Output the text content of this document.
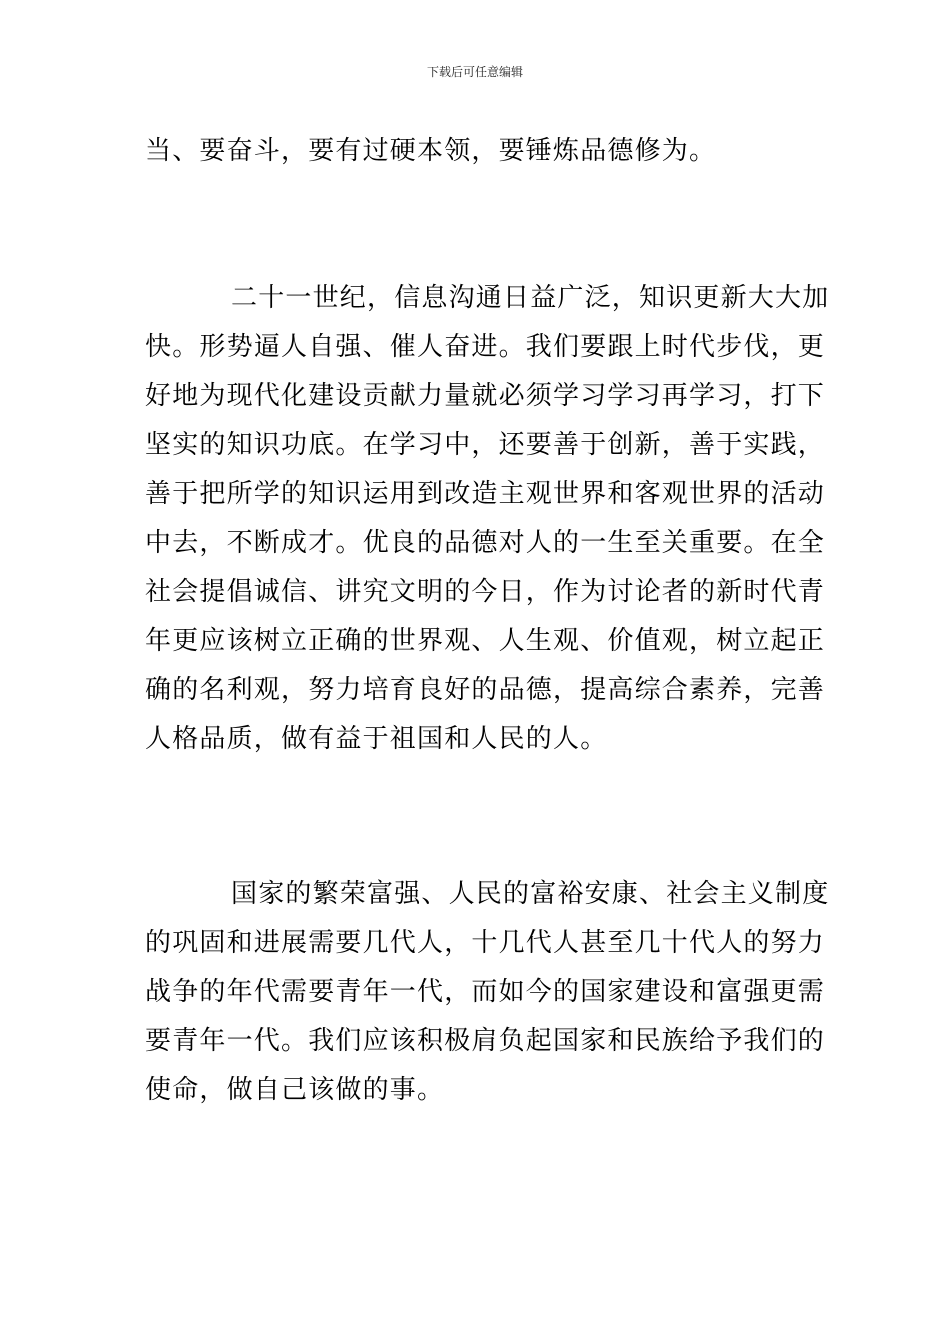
下载后可任意编辑
当、要奋斗，要有过硬本领，要锤炼品德修为。
二十一世纪，信息沟通日益广泛，知识更新大大加
快。形势逼人自强、催人奋进。我们要跟上时代步伐，更
好地为现代化建设贡献力量就必须学习学习再学习，打下
坚实的知识功底。在学习中，还要善于创新，善于实践，
善于把所学的知识运用到改造主观世界和客观世界的活动
中去，不断成才。优良的品德对人的一生至关重要。在全
社会提倡诚信、讲究文明的今日，作为讨论者的新时代青
年更应该树立正确的世界观、人生观、价值观，树立起正
确的名利观，努力培育良好的品德，提高综合素养，完善
人格品质，做有益于祖国和人民的人。
国家的繁荣富强、人民的富裕安康、社会主义制度
的巩固和进展需要几代人，十几代人甚至几十代人的努力
战争的年代需要青年一代，而如今的国家建设和富强更需
要青年一代。我们应该积极肩负起国家和民族给予我们的
使命，做自己该做的事。
